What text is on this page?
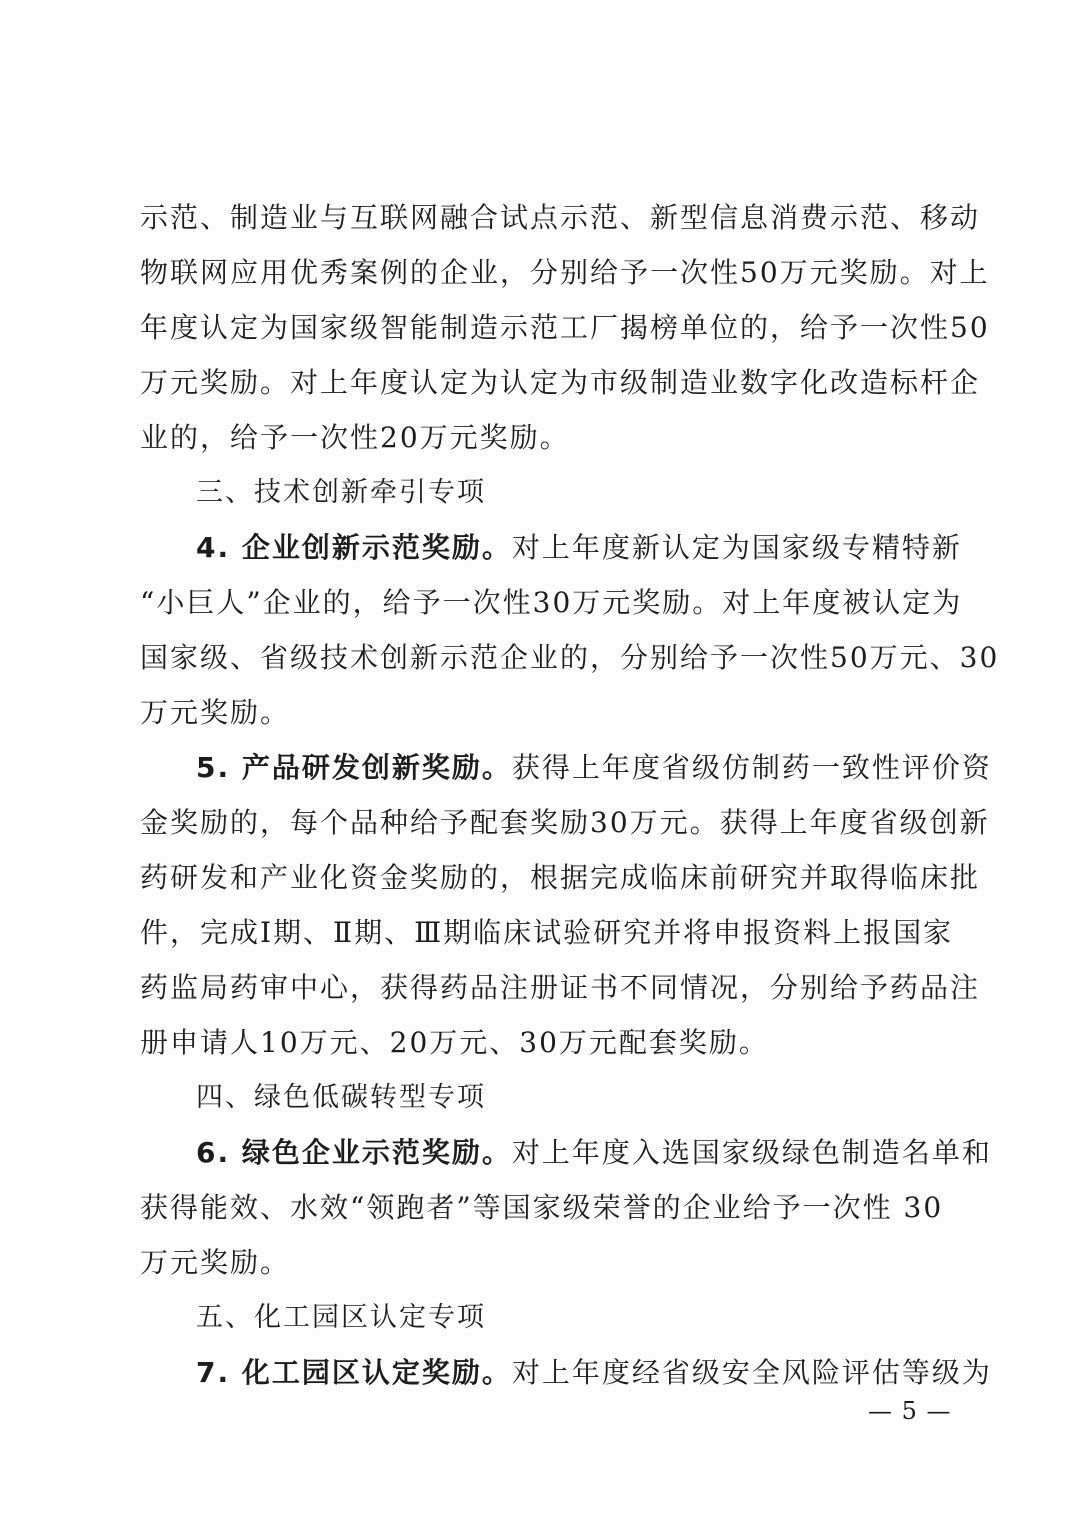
示范、制造业与互联网融合试点示范、新型信息消费示范、移动
物联网应用优秀案例的企业，分别给予一次性50万元奖励。对上
年度认定为国家级智能制造示范工厂揭榜单位的，给予一次性50
万元奖励。对上年度认定为认定为市级制造业数字化改造标杆企
业的，给予一次性20万元奖励。
三、技术创新牵引专项
4. 企业创新示范奖励。对上年度新认定为国家级专精特新
“小巨人”企业的，给予一次性30万元奖励。对上年度被认定为
国家级、省级技术创新示范企业的，分别给予一次性50万元、30
万元奖励。
5. 产品研发创新奖励。获得上年度省级仿制药一致性评价资
金奖励的，每个品种给予配套奖励30万元。获得上年度省级创新
药研发和产业化资金奖励的，根据完成临床前研究并取得临床批
件，完成Ⅰ期、Ⅱ期、Ⅲ期临床试验研究并将申报资料上报国家
药监局药审中心，获得药品注册证书不同情况，分别给予药品注
册申请人10万元、20万元、30万元配套奖励。
四、绿色低碳转型专项
6. 绿色企业示范奖励。对上年度入选国家级绿色制造名单和
获得能效、水效“领跑者”等国家级荣誉的企业给予一次性 30
万元奖励。
五、化工园区认定专项
7. 化工园区认定奖励。对上年度经省级安全风险评估等级为
— 5 —
